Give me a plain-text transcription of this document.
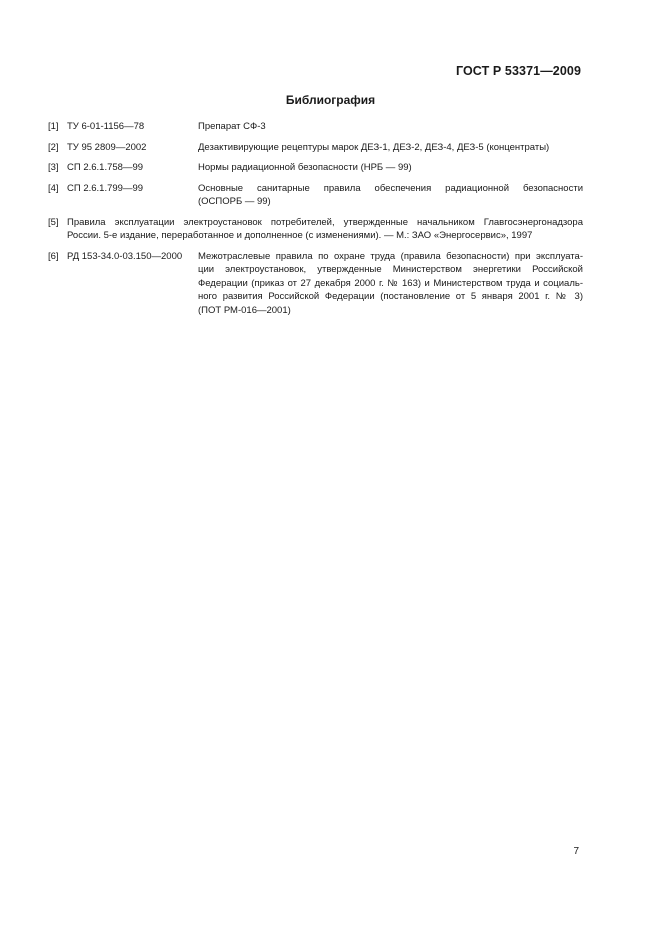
ГОСТ Р 53371—2009
Библиография
[1] ТУ 6-01-1156—78	Препарат СФ-3
[2] ТУ 95 2809—2002	Дезактивирующие рецептуры марок ДЕЗ-1, ДЕЗ-2, ДЕЗ-4, ДЕЗ-5 (концентраты)
[3] СП 2.6.1.758—99	Нормы радиационной безопасности (НРБ — 99)
[4] СП 2.6.1.799—99	Основные санитарные правила обеспечения радиационной безопасности
(ОСПОРБ — 99)
[5] Правила эксплуатации электроустановок потребителей, утвержденные начальником Главгосэнергонадзора
России. 5-е издание, переработанное и дополненное (с изменениями). — М.: ЗАО «Энергосервис», 1997
[6] РД 153-34.0-03.150—2000	Межотраслевые правила по охране труда (правила безопасности) при эксплуата-
ции электроустановок, утвержденные Министерством энергетики Российской
Федерации (приказ от 27 декабря 2000 г. № 163) и Министерством труда и социаль-
ного развития Российской Федерации (постановление от 5 января 2001 г. № 3)
(ПОТ РМ-016—2001)
7
